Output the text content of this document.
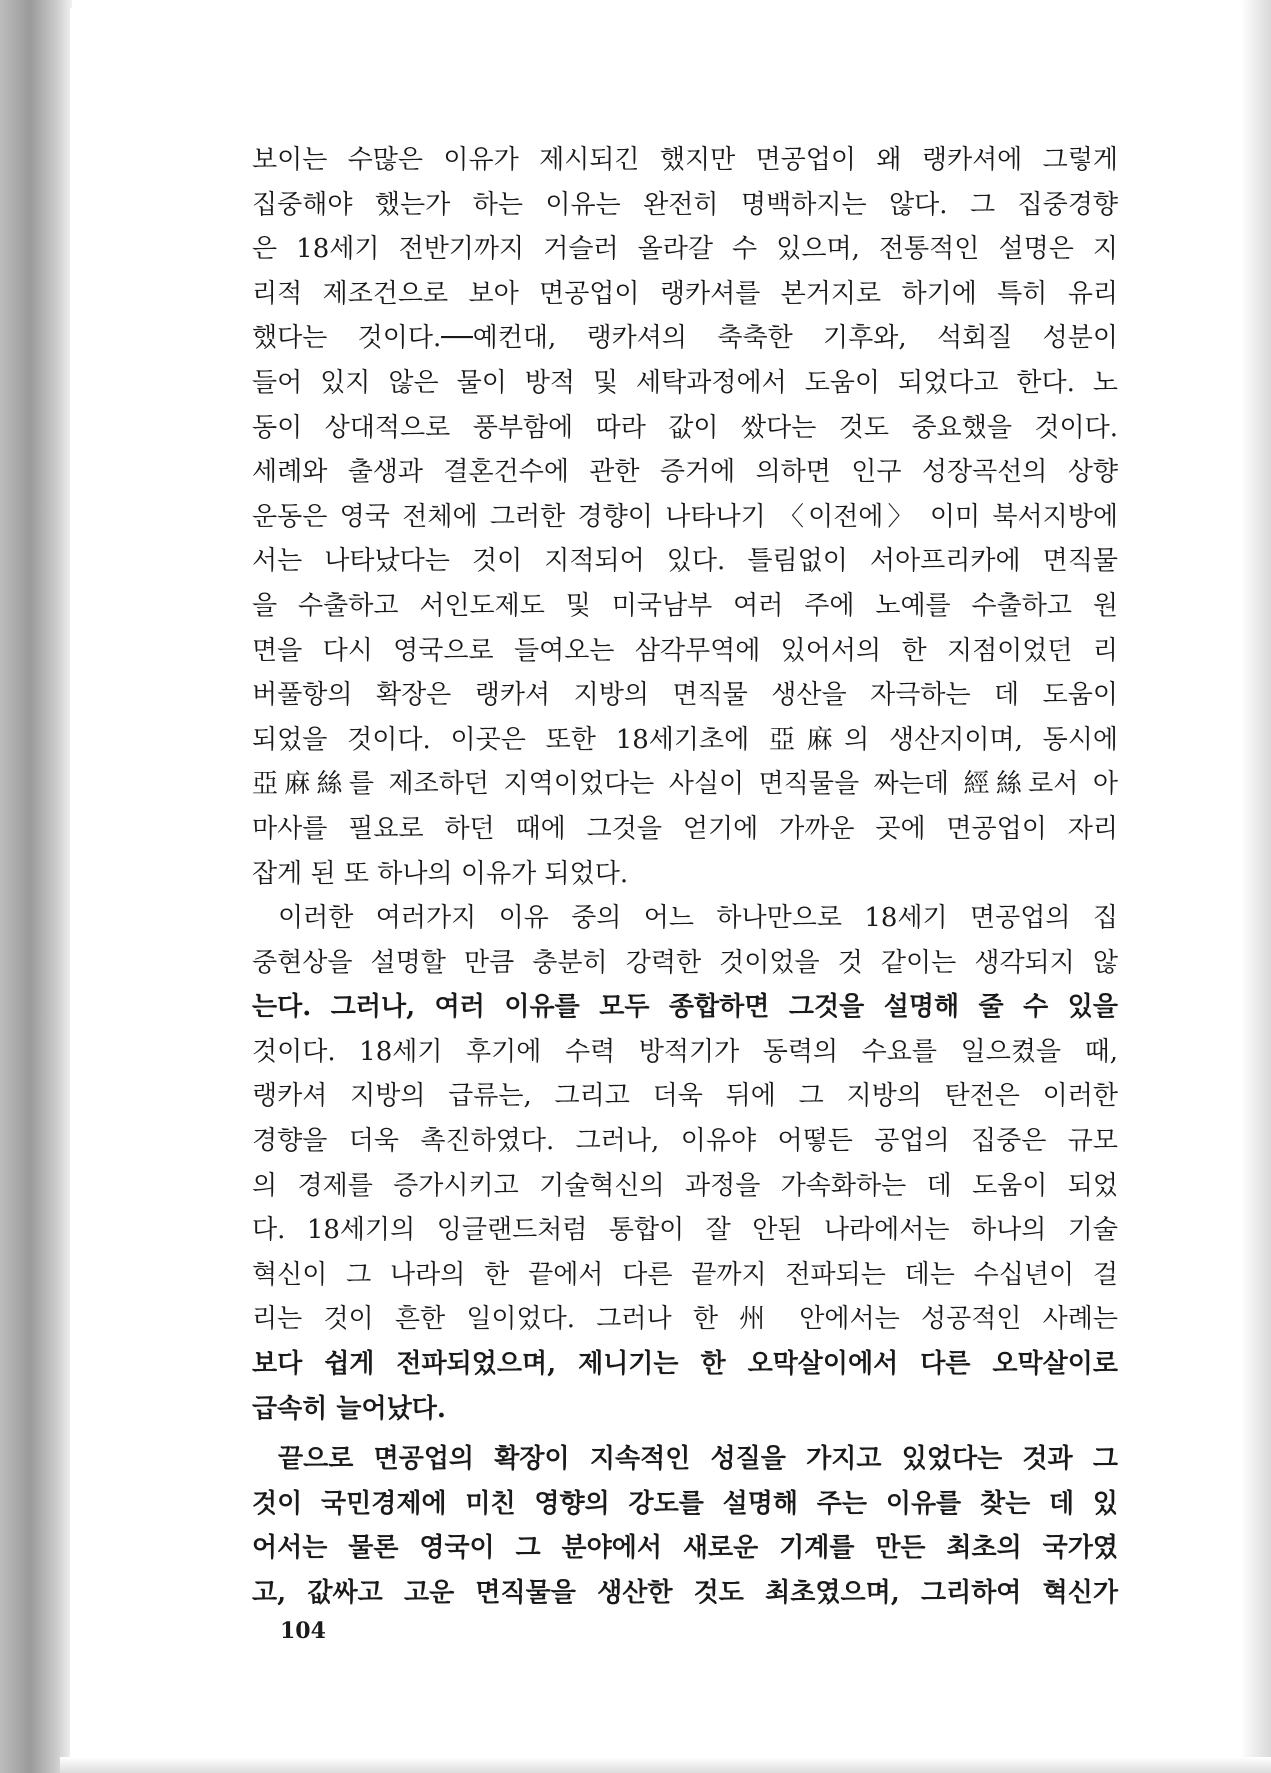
보이는 수많은 이유가 제시되긴 했지만 면공업이 왜 랭카셔에 그렇게
집중해야 했는가 하는 이유는 완전히 명백하지는 않다. 그 집중경향
은 18세기 전반기까지 거슬러 올라갈 수 있으며, 전통적인 설명은 지
리적 제조건으로 보아 면공업이 랭카셔를 본거지로 하기에 특히 유리
했다는 것이다.──예컨대, 랭카셔의 축축한 기후와, 석회질 성분이
들어 있지 않은 물이 방적 및 세탁과정에서 도움이 되었다고 한다. 노
동이 상대적으로 풍부함에 따라 값이 쌌다는 것도 중요했을 것이다.
세례와 출생과 결혼건수에 관한 증거에 의하면 인구 성장곡선의 상향
운동은 영국 전체에 그러한 경향이 나타나기 〈이전에〉 이미 북서지방에
서는 나타났다는 것이 지적되어 있다. 틀림없이 서아프리카에 면직물
을 수출하고 서인도제도 및 미국남부 여러 주에 노예를 수출하고 원
면을 다시 영국으로 들여오는 삼각무역에 있어서의 한 지점이었던 리
버풀항의 확장은 랭카셔 지방의 면직물 생산을 자극하는 데 도움이
되었을 것이다. 이곳은 또한 18세기초에 亞麻의 생산지이며, 동시에
亞麻絲를 제조하던 지역이었다는 사실이 면직물을 짜는데 經絲로서 아
마사를 필요로 하던 때에 그것을 얻기에 가까운 곳에 면공업이 자리
잡게 된 또 하나의 이유가 되었다.
이러한 여러가지 이유 중의 어느 하나만으로 18세기 면공업의 집
중현상을 설명할 만큼 충분히 강력한 것이었을 것 같이는 생각되지 않
는다. 그러나, 여러 이유를 모두 종합하면 그것을 설명해 줄 수 있을
것이다. 18세기 후기에 수력 방적기가 동력의 수요를 일으켰을 때,
랭카셔 지방의 급류는, 그리고 더욱 뒤에 그 지방의 탄전은 이러한
경향을 더욱 촉진하였다. 그러나, 이유야 어떻든 공업의 집중은 규모
의 경제를 증가시키고 기술혁신의 과정을 가속화하는 데 도움이 되었
다. 18세기의 잉글랜드처럼 통합이 잘 안된 나라에서는 하나의 기술
혁신이 그 나라의 한 끝에서 다른 끝까지 전파되는 데는 수십년이 걸
리는 것이 흔한 일이었다. 그러나 한 州 안에서는 성공적인 사례는
보다 쉽게 전파되었으며, 제니기는 한 오막살이에서 다른 오막살이로
급속히 늘어났다.
끝으로 면공업의 확장이 지속적인 성질을 가지고 있었다는 것과 그
것이 국민경제에 미친 영향의 강도를 설명해 주는 이유를 찾는 데 있
어서는 물론 영국이 그 분야에서 새로운 기계를 만든 최초의 국가였
고, 값싸고 고운 면직물을 생산한 것도 최초였으며, 그리하여 혁신가
104
